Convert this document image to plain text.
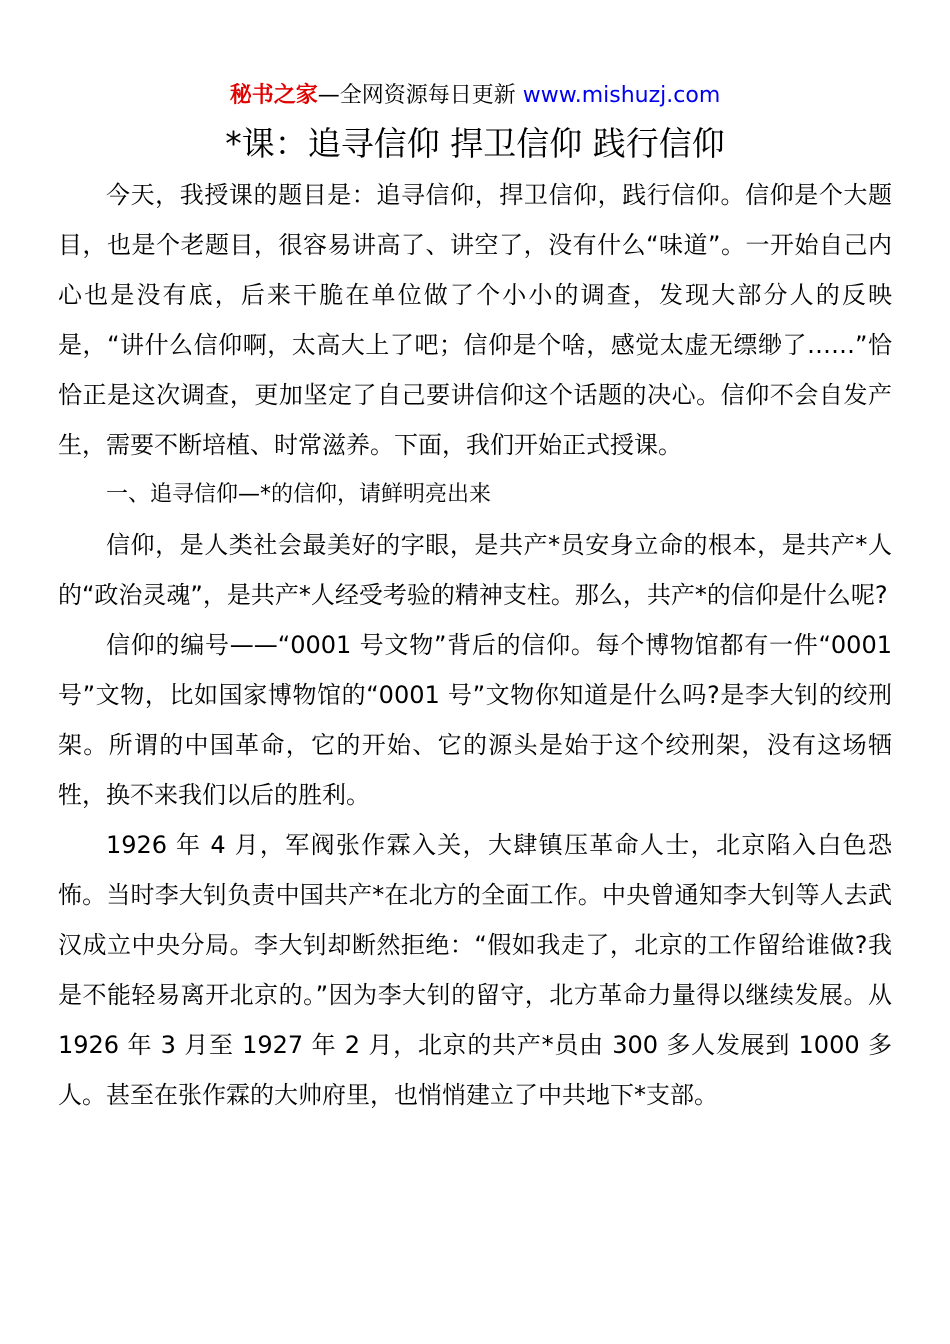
秘书之家—全网资源每日更新 www.mishuzj.com
*课：追寻信仰 捍卫信仰 践行信仰

今天，我授课的题目是：追寻信仰，捍卫信仰，践行信仰。信仰是个大题目，也是个老题目，很容易讲高了、讲空了，没有什么“味道”。一开始自己内心也是没有底，后来干脆在单位做了个小小的调查，发现大部分人的反映是，“讲什么信仰啊，太高大上了吧；信仰是个啥，感觉太虚无缥缈了……”恰恰正是这次调查，更加坚定了自己要讲信仰这个话题的决心。信仰不会自发产生，需要不断培植、时常滋养。下面，我们开始正式授课。

一、追寻信仰—*的信仰，请鲜明亮出来

信仰，是人类社会最美好的字眼，是共产*员安身立命的根本，是共产*人的“政治灵魂”，是共产*人经受考验的精神支柱。那么，共产*的信仰是什么呢?

信仰的编号——“0001 号文物”背后的信仰。每个博物馆都有一件“0001 号”文物，比如国家博物馆的“0001 号”文物你知道是什么吗?是李大钊的绞刑架。所谓的中国革命，它的开始、它的源头是始于这个绞刑架，没有这场牺牲，换不来我们以后的胜利。

1926 年 4 月，军阀张作霖入关，大肆镇压革命人士，北京陷入白色恐怖。当时李大钊负责中国共产*在北方的全面工作。中央曾通知李大钊等人去武汉成立中央分局。李大钊却断然拒绝：“假如我走了，北京的工作留给谁做?我是不能轻易离开北京的。”因为李大钊的留守，北方革命力量得以继续发展。从 1926 年 3 月至 1927 年 2 月，北京的共产*员由 300 多人发展到 1000 多人。甚至在张作霖的大帅府里，也悄悄建立了中共地下*支部。
